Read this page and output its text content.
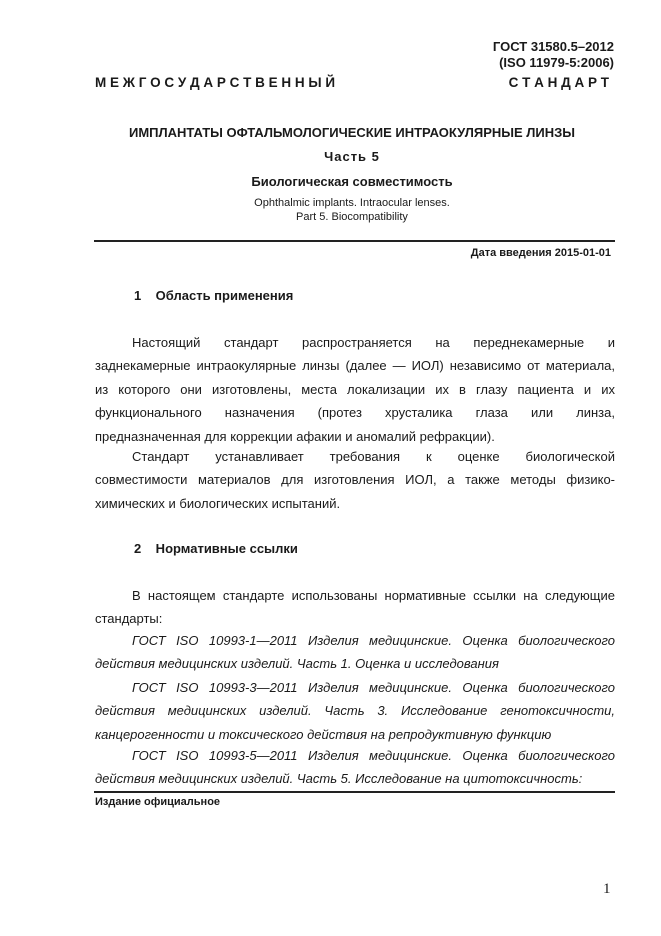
ГОСТ 31580.5–2012
(ISO 11979-5:2006)
М Е Ж Г О С У Д А Р С Т В Е Н Н Ы Й	С Т А Н Д А Р Т
ИМПЛАНТАТЫ ОФТАЛЬМОЛОГИЧЕСКИЕ ИНТРАОКУЛЯРНЫЕ ЛИНЗЫ
Часть 5
Биологическая совместимость
Ophthalmic implants. Intraocular lenses.
Part 5. Biocompatibility
Дата введения 2015-01-01
1    Область применения
Настоящий стандарт распространяется на переднекамерные и
заднекамерные интраокулярные линзы (далее — ИОЛ) независимо от материала,
из которого они изготовлены, места локализации их в глазу пациента и их
функционального назначения (протез хрусталика глаза или линза,
предназначенная для коррекции афакии и аномалий рефракции).
Стандарт устанавливает требования к оценке биологической
совместимости материалов для изготовления ИОЛ, а также методы физико-
химических и биологических испытаний.
2    Нормативные ссылки
В настоящем стандарте использованы нормативные ссылки на следующие
стандарты:
ГОСТ ISO 10993-1—2011 Изделия медицинские. Оценка биологического
действия медицинских изделий. Часть 1. Оценка и исследования
ГОСТ ISO 10993-3—2011 Изделия медицинские. Оценка биологического
действия медицинских изделий. Часть 3. Исследование генотоксичности,
канцерогенности и токсического действия на репродуктивную функцию
ГОСТ ISO 10993-5—2011 Изделия медицинские. Оценка биологического
действия медицинских изделий. Часть 5. Исследование на цитотоксичность:
Издание официальное
1
